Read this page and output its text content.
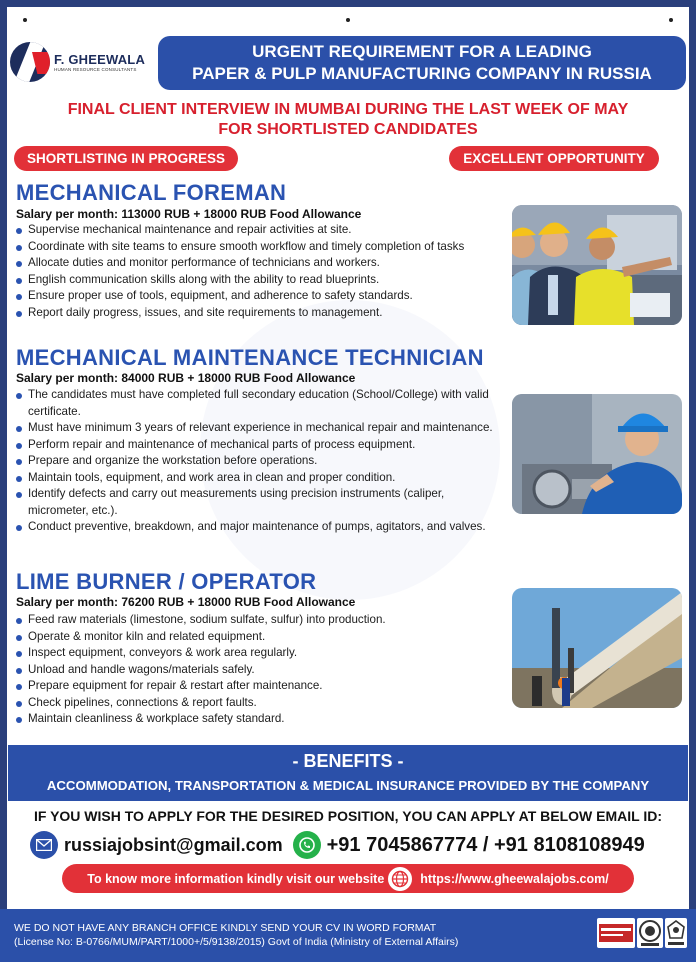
F. GHEEWALA
HUMAN RESOURCE CONSULTANTS
URGENT REQUIREMENT FOR A LEADING
PAPER & PULP MANUFACTURING COMPANY IN RUSSIA
FINAL CLIENT INTERVIEW IN MUMBAI DURING THE LAST WEEK OF MAY
FOR SHORTLISTED CANDIDATES
SHORTLISTING IN PROGRESS	EXCELLENT OPPORTUNITY
MECHANICAL FOREMAN
Salary per month: 113000 RUB + 18000 RUB Food Allowance
Supervise mechanical maintenance and repair activities at site.
Coordinate with site teams to ensure smooth workflow and timely completion of tasks
Allocate duties and monitor performance of technicians and workers.
English communication skills along with the ability to read blueprints.
Ensure proper use of tools, equipment, and adherence to safety standards.
Report daily progress, issues, and site requirements to management.
MECHANICAL MAINTENANCE TECHNICIAN
Salary per month: 84000 RUB + 18000 RUB Food Allowance
The candidates must have completed full secondary education (School/College) with valid certificate.
Must have minimum 3 years of relevant experience in mechanical repair and maintenance.
Perform repair and maintenance of mechanical parts of process equipment.
Prepare and organize the workstation before operations.
Maintain tools, equipment, and work area in clean and proper condition.
Identify defects and carry out measurements using precision instruments (caliper, micrometer, etc.).
Conduct preventive, breakdown, and major maintenance of pumps, agitators, and valves.
LIME BURNER / OPERATOR
Salary per month: 76200 RUB + 18000 RUB Food Allowance
Feed raw materials (limestone, sodium sulfate, sulfur) into production.
Operate & monitor kiln and related equipment.
Inspect equipment, conveyors & work area regularly.
Unload and handle wagons/materials safely.
Prepare equipment for repair & restart after maintenance.
Check pipelines, connections & report faults.
Maintain cleanliness & workplace safety standard.
- BENEFITS -
ACCOMMODATION, TRANSPORTATION & MEDICAL INSURANCE PROVIDED BY THE COMPANY
IF YOU WISH TO APPLY FOR THE DESIRED POSITION, YOU CAN APPLY AT BELOW EMAIL ID:
russiajobsint@gmail.com +91 7045867774 / +91 8108108949
To know more information kindly visit our website	https://www.gheewalajobs.com/
WE DO NOT HAVE ANY BRANCH OFFICE KINDLY SEND YOUR CV IN WORD FORMAT
(License No: B-0766/MUM/PART/1000+/5/9138/2015) Govt of India (Ministry of External Affairs)
